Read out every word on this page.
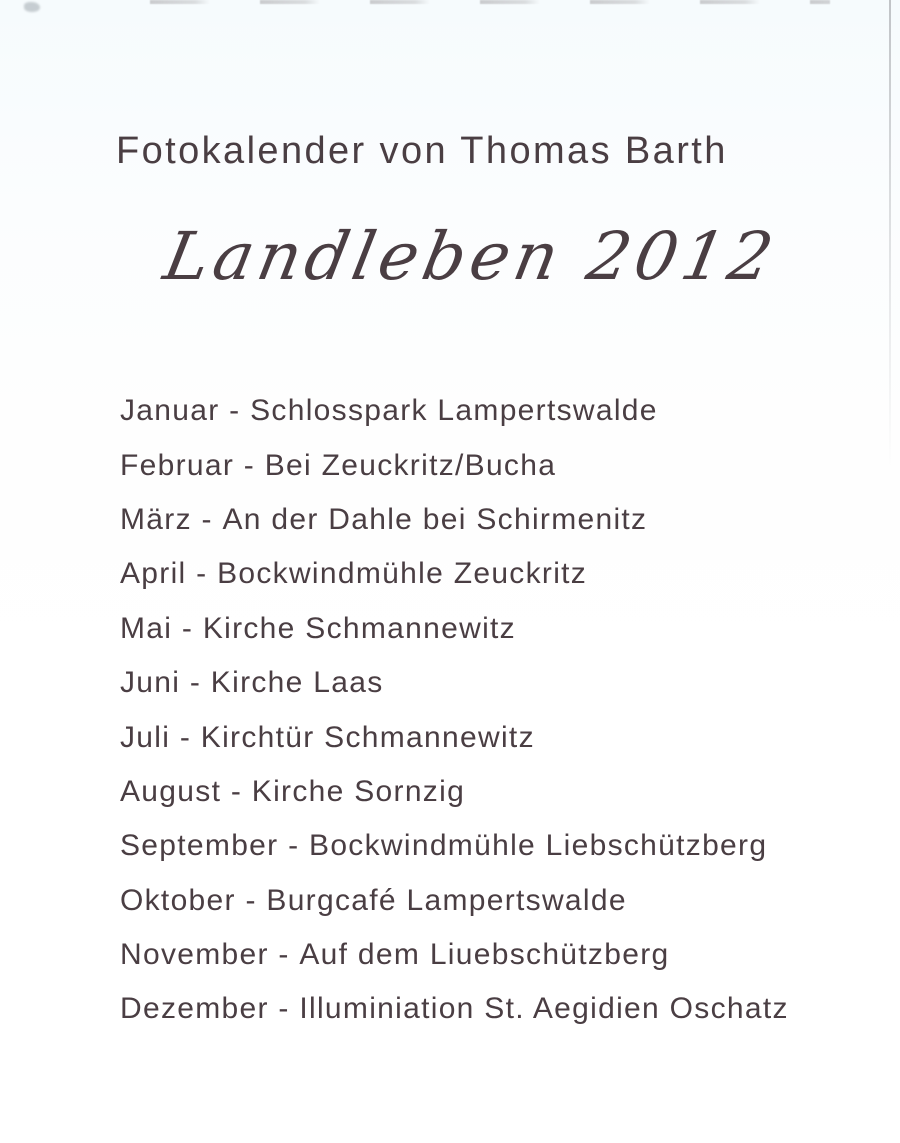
Fotokalender von Thomas Barth
Landleben 2012
Januar - Schlosspark Lampertswalde
Februar - Bei Zeuckritz/Bucha
März - An der Dahle bei Schirmenitz
April - Bockwindmühle Zeuckritz
Mai - Kirche Schmannewitz
Juni - Kirche Laas
Juli - Kirchtür Schmannewitz
August - Kirche Sornzig
September - Bockwindmühle Liebschützberg
Oktober - Burgcafé Lampertswalde
November - Auf dem Liuebschützberg
Dezember - Illuminiation St. Aegidien Oschatz
